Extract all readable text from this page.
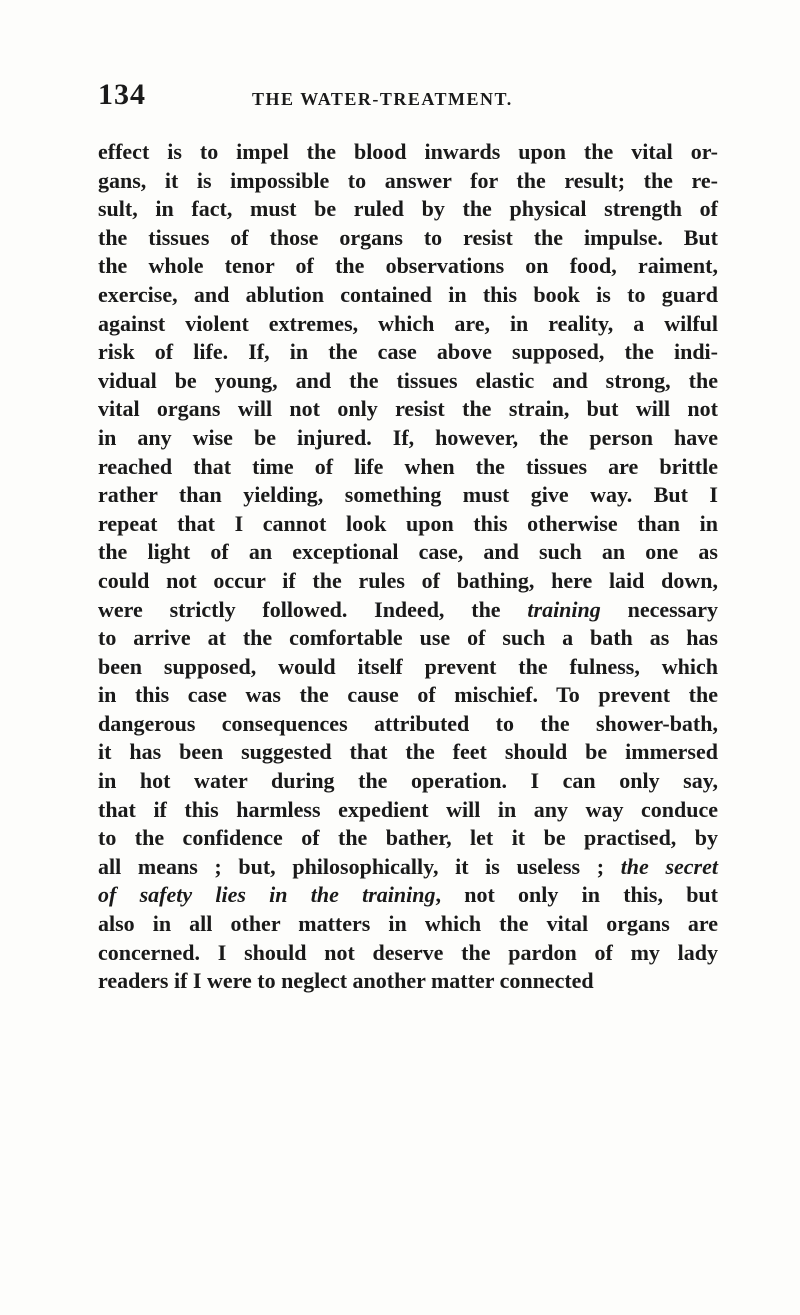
134	THE WATER-TREATMENT.
effect is to impel the blood inwards upon the vital or-
gans, it is impossible to answer for the result; the re-
sult, in fact, must be ruled by the physical strength of
the tissues of those organs to resist the impulse. But
the whole tenor of the observations on food, raiment,
exercise, and ablution contained in this book is to guard
against violent extremes, which are, in reality, a wilful
risk of life. If, in the case above supposed, the indi-
vidual be young, and the tissues elastic and strong, the
vital organs will not only resist the strain, but will not
in any wise be injured. If, however, the person have
reached that time of life when the tissues are brittle
rather than yielding, something must give way. But I
repeat that I cannot look upon this otherwise than in
the light of an exceptional case, and such an one as
could not occur if the rules of bathing, here laid down,
were strictly followed. Indeed, the training necessary
to arrive at the comfortable use of such a bath as has
been supposed, would itself prevent the fulness, which
in this case was the cause of mischief. To prevent the
dangerous consequences attributed to the shower-bath,
it has been suggested that the feet should be immersed
in hot water during the operation. I can only say,
that if this harmless expedient will in any way conduce
to the confidence of the bather, let it be practised, by
all means ; but, philosophically, it is useless ; the secret
of safety lies in the training, not only in this, but
also in all other matters in which the vital organs are
concerned. I should not deserve the pardon of my lady
readers if I were to neglect another matter connected
